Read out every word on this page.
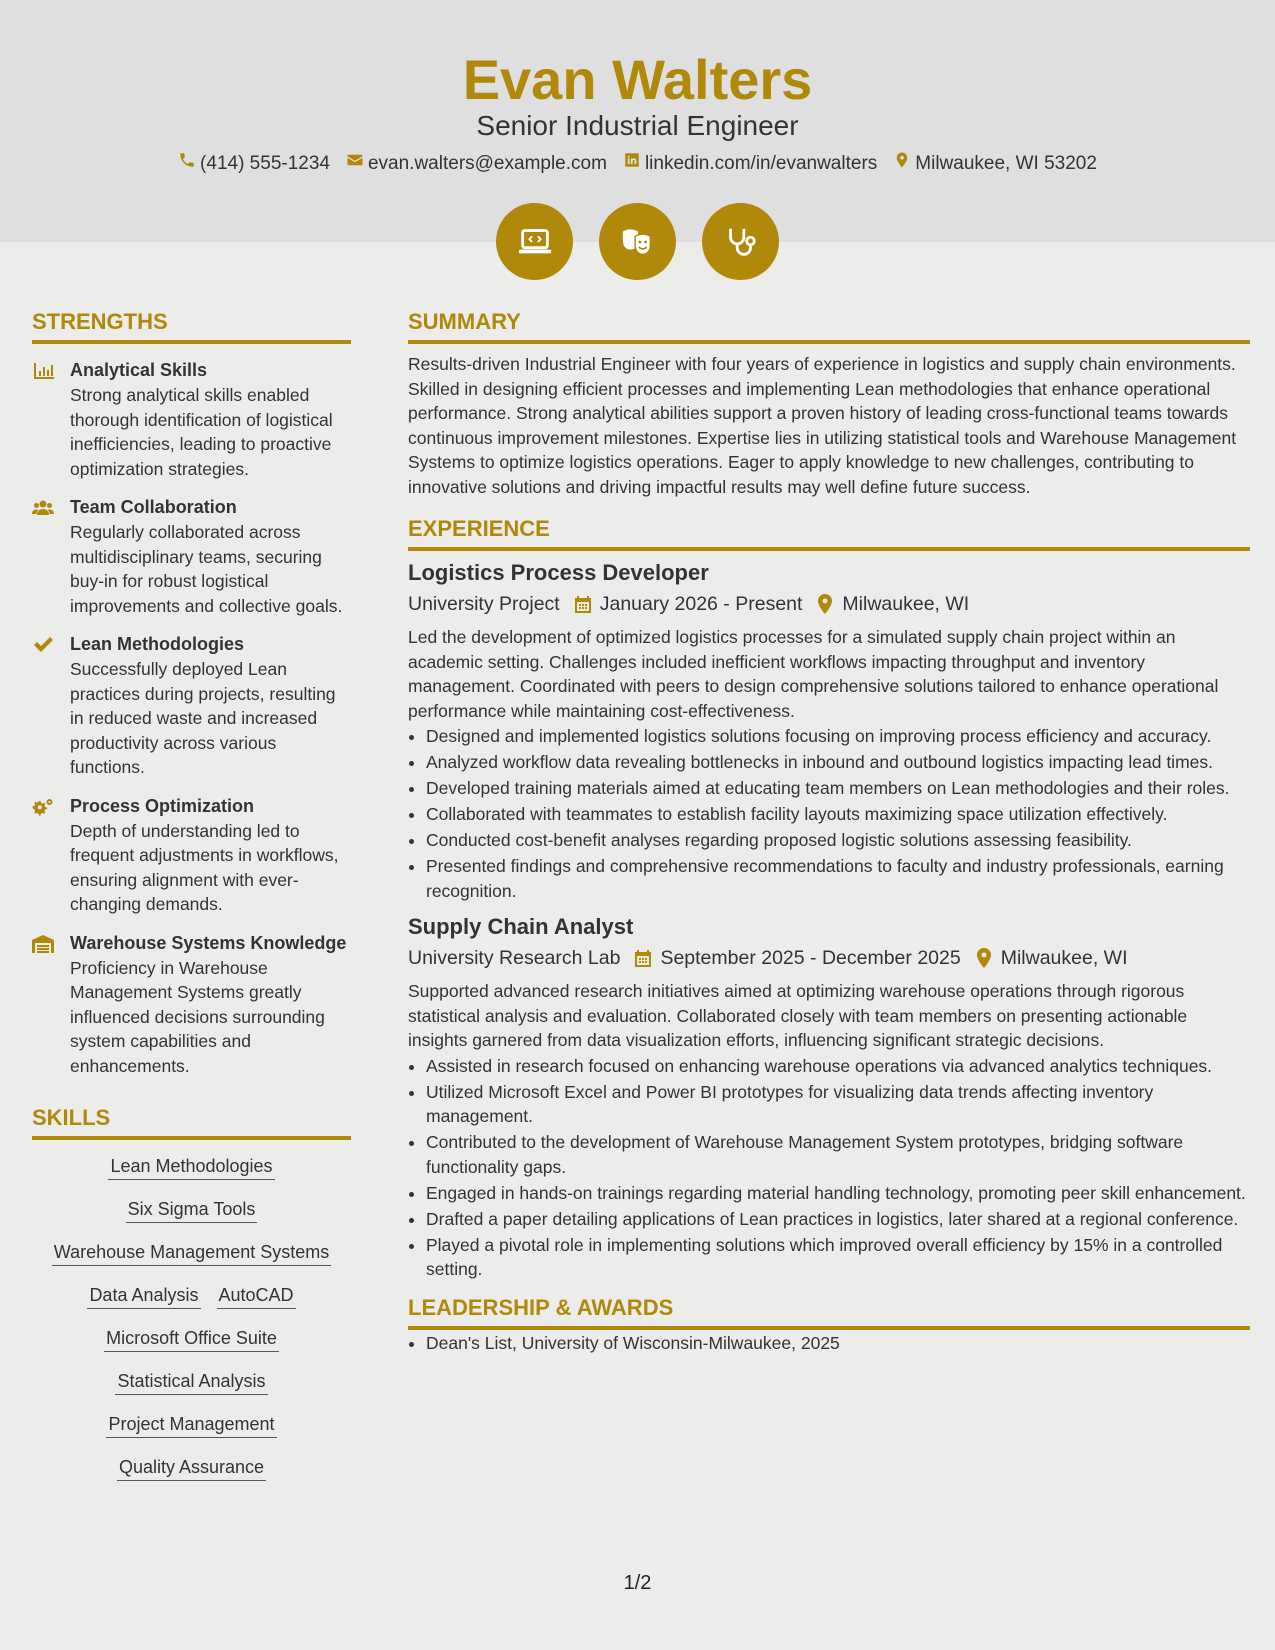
Evan Walters
Senior Industrial Engineer
(414) 555-1234 evan.walters@example.com linkedin.com/in/evanwalters Milwaukee, WI 53202
STRENGTHS
Analytical Skills
Strong analytical skills enabled thorough identification of logistical inefficiencies, leading to proactive optimization strategies.
Team Collaboration
Regularly collaborated across multidisciplinary teams, securing buy-in for robust logistical improvements and collective goals.
Lean Methodologies
Successfully deployed Lean practices during projects, resulting in reduced waste and increased productivity across various functions.
Process Optimization
Depth of understanding led to frequent adjustments in workflows, ensuring alignment with ever-changing demands.
Warehouse Systems Knowledge
Proficiency in Warehouse Management Systems greatly influenced decisions surrounding system capabilities and enhancements.
SKILLS
Lean Methodologies
Six Sigma Tools
Warehouse Management Systems
Data Analysis AutoCAD
Microsoft Office Suite
Statistical Analysis
Project Management
Quality Assurance
SUMMARY
Results-driven Industrial Engineer with four years of experience in logistics and supply chain environments. Skilled in designing efficient processes and implementing Lean methodologies that enhance operational performance. Strong analytical abilities support a proven history of leading cross-functional teams towards continuous improvement milestones. Expertise lies in utilizing statistical tools and Warehouse Management Systems to optimize logistics operations. Eager to apply knowledge to new challenges, contributing to innovative solutions and driving impactful results may well define future success.
EXPERIENCE
Logistics Process Developer
University Project January 2026 - Present Milwaukee, WI
Led the development of optimized logistics processes for a simulated supply chain project within an academic setting. Challenges included inefficient workflows impacting throughput and inventory management. Coordinated with peers to design comprehensive solutions tailored to enhance operational performance while maintaining cost-effectiveness.
• Designed and implemented logistics solutions focusing on improving process efficiency and accuracy.
• Analyzed workflow data revealing bottlenecks in inbound and outbound logistics impacting lead times.
• Developed training materials aimed at educating team members on Lean methodologies and their roles.
• Collaborated with teammates to establish facility layouts maximizing space utilization effectively.
• Conducted cost-benefit analyses regarding proposed logistic solutions assessing feasibility.
• Presented findings and comprehensive recommendations to faculty and industry professionals, earning recognition.
Supply Chain Analyst
University Research Lab September 2025 - December 2025 Milwaukee, WI
Supported advanced research initiatives aimed at optimizing warehouse operations through rigorous statistical analysis and evaluation. Collaborated closely with team members on presenting actionable insights garnered from data visualization efforts, influencing significant strategic decisions.
• Assisted in research focused on enhancing warehouse operations via advanced analytics techniques.
• Utilized Microsoft Excel and Power BI prototypes for visualizing data trends affecting inventory management.
• Contributed to the development of Warehouse Management System prototypes, bridging software functionality gaps.
• Engaged in hands-on trainings regarding material handling technology, promoting peer skill enhancement.
• Drafted a paper detailing applications of Lean practices in logistics, later shared at a regional conference.
• Played a pivotal role in implementing solutions which improved overall efficiency by 15% in a controlled setting.
LEADERSHIP & AWARDS
• Dean's List, University of Wisconsin-Milwaukee, 2025
1/2
